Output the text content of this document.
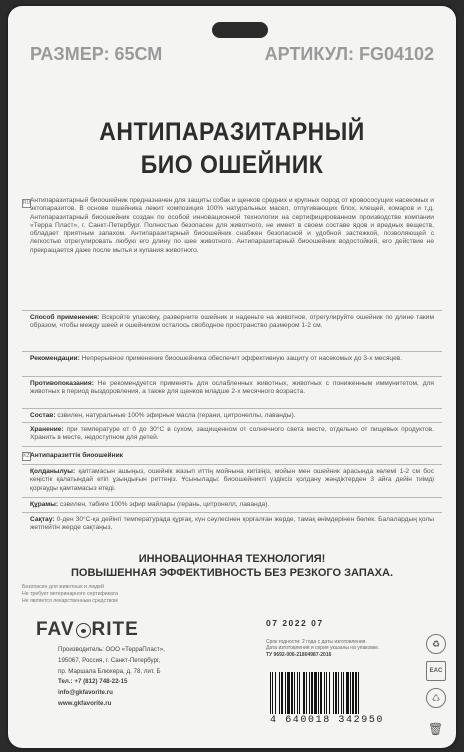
РАЗМЕР: 65СМ	АРТИКУЛ: FG04102
АНТИПАРАЗИТАРНЫЙ
БИО ОШЕЙНИК
RU Антипаразитарный биоошейник предназначен для защиты собак и щенков средних и крупных пород от кровососущих насекомых и эктопаразитов. В основе ошейника лежит композиция 100% натуральных масел, отпугивающих блох, клещей, комаров и т.д. Антипаразитарный биоошейник создан по особой инновационной технологии на сертифицированном производстве компании «Терра Пласт», г. Санкт-Петербург. Полностью безопасен для животного, не имеет в своем составе ядов и вредных веществ, обладает приятным запахом. Антипаразитарный биоошейник снабжен безопасной и удобной застежкой, позволяющей с легкостью отрегулировать любую его длину по шее животного. Антипаразитарный биоошейник водостойкий, его действие не прекращается даже после мытья и купания животного.
Способ применения: Вскройте упаковку, разверните ошейник и наденьте на животное, отрегулируйте ошейник по длине таким образом, чтобы между шеей и ошейником осталось свободное пространство размером 1-2 см.
Рекомендации: Непрерывное применение биоошейника обеспечит эффективную защиту от насекомых до 3-х месяцев.
Противопоказания: Не рекомендуется применять для ослабленных животных, животных с пониженным иммунитетом, для животных в период выздоровления, а также для щенков младше 2-х месячного возраста.
Состав: сзвилен, натуральные 100% эфирные масла (герани, цитронеллы, лаванды).
Хранение: при температуре от 0 до 30°С в сухом, защищенном от солнечного света месте, отдельно от пищевых продуктов. Хранить в месте, недоступном для детей.
KZ Антипаразиттік биоошейник
Қолданылуы: қаптамасын ашыңыз, ошейнік жазып иттің мойнына кигізіңіз, мойын мен ошейник арасында көлемі 1-2 см бос кеңістік қалатындай етіп ұзындығын реттеңіз. Ұсынылады: биоошейникті үздіксіз қолдану жәндіктерден 3 айға дейін тиімді қорғауды қамтамасыз етеді.
Құрамы: сэвилен, табиғи 100% эфир майлары (герань, цитронелл, лаванда).
Сақтау: 0-ден 30°С-қа дейінгі температурада құрғақ, күн сәулесінен қорғалған жерде, тамақ өнімдерінен бөлек. Балалардың қолы жетпейтін жерде сақтаңыз.
ИННОВАЦИОННАЯ ТЕХНОЛОГИЯ!
ПОВЫШЕННАЯ ЭФФЕКТИВНОСТЬ БЕЗ РЕЗКОГО ЗАПАХА.
Безопасен для животных и людей
Не требует ветеринарного сертификата
Не является лекарственным средством
FAV RITE
Производитель: ООО «ТерраПласт»,
195067, Россия, г. Санкт-Петербург,
пр. Маршала Блюхера, д. 78, лит. Б
Тел.: +7 (812) 748-22-15
info@gkfavorite.ru
www.gkfavorite.ru
07 2022 07
Срок годности: 2 года с даты изготовления.
Дата изготовления и серия указаны на упаковке.
ТУ 9692-006-21804987-2016
♻
EAC
♺
4 640018 342950
🗑
